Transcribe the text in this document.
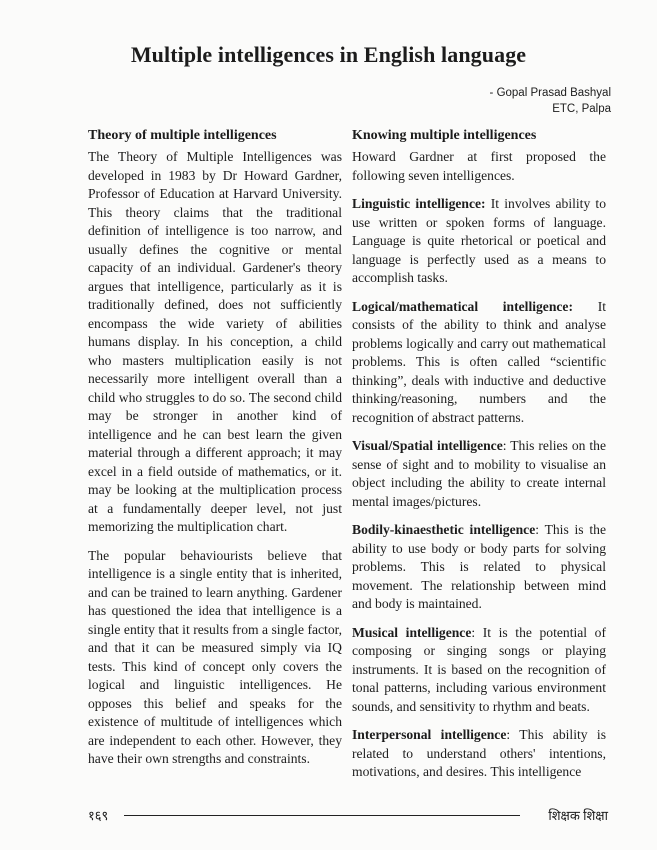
Multiple intelligences in English language
- Gopal Prasad Bashyal
ETC, Palpa
Theory of multiple intelligences

The Theory of Multiple Intelligences was developed in 1983 by Dr Howard Gardner, Professor of Education at Harvard University. This theory claims that the traditional definition of intelligence is too narrow, and usually defines the cognitive or mental capacity of an individual. Gardener's theory argues that intelligence, particularly as it is traditionally defined, does not sufficiently encompass the wide variety of abilities humans display. In his conception, a child who masters multiplication easily is not necessarily more intelligent overall than a child who struggles to do so. The second child may be stronger in another kind of intelligence and he can best learn the given material through a different approach; it may excel in a field outside of mathematics, or it. may be looking at the multiplication process at a fundamentally deeper level, not just memorizing the multiplication chart.

The popular behaviourists believe that intelligence is a single entity that is inherited, and can be trained to learn anything. Gardener has questioned the idea that intelligence is a single entity that it results from a single factor, and that it can be measured simply via IQ tests. This kind of concept only covers the logical and linguistic intelligences. He opposes this belief and speaks for the existence of multitude of intelligences which are independent to each other. However, they have their own strengths and constraints.

Knowing multiple intelligences

Howard Gardner at first proposed the following seven intelligences.

Linguistic intelligence: It involves ability to use written or spoken forms of language. Language is quite rhetorical or poetical and language is perfectly used as a means to accomplish tasks.

Logical/mathematical intelligence: It consists of the ability to think and analyse problems logically and carry out mathematical problems. This is often called “scientific thinking”, deals with inductive and deductive thinking/reasoning, numbers and the recognition of abstract patterns.

Visual/Spatial intelligence: This relies on the sense of sight and to mobility to visualise an object including the ability to create internal mental images/pictures.

Bodily-kinaesthetic intelligence: This is the ability to use body or body parts for solving problems. This is related to physical movement. The relationship between mind and body is maintained.

Musical intelligence: It is the potential of composing or singing songs or playing instruments. It is based on the recognition of tonal patterns, including various environment sounds, and sensitivity to rhythm and beats.

Interpersonal intelligence: This ability is related to understand others' intentions, motivations, and desires. This intelligence

१६९	शिक्षक शिक्षा
